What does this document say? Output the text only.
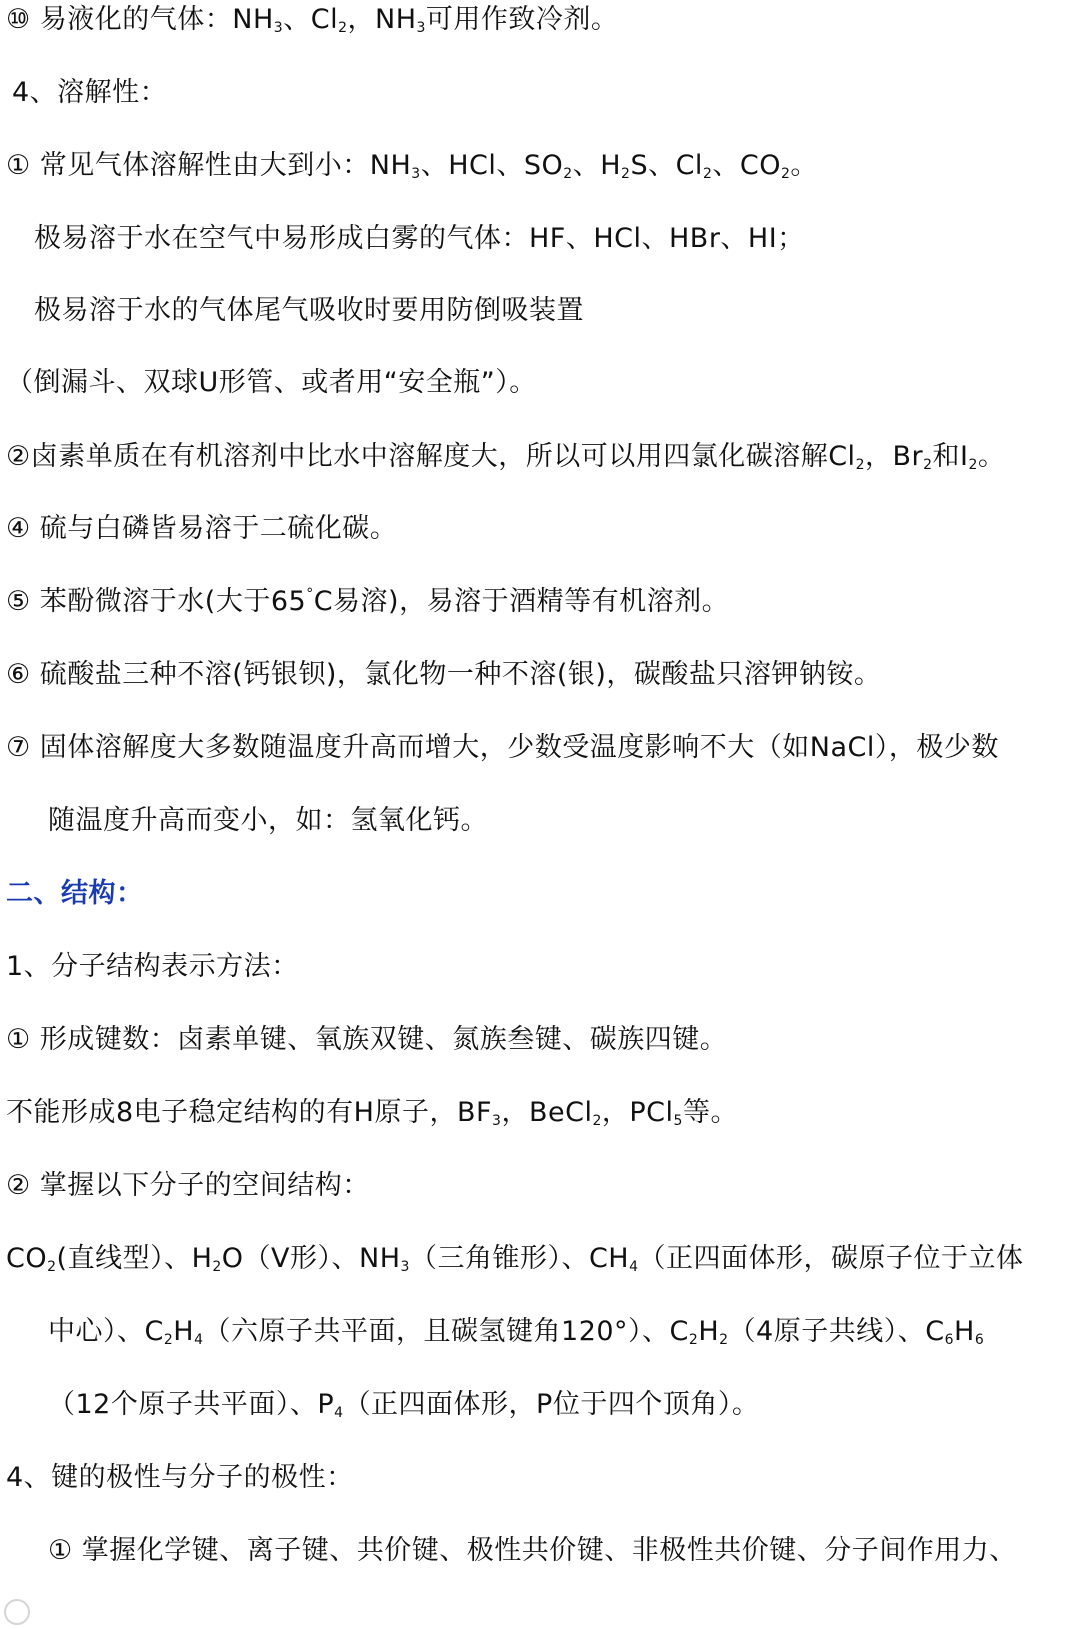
⑩ 易液化的气体：$NH_3$、$Cl_2$，$NH_3$可用作致冷剂。
4、溶解性：
① 常见气体溶解性由大到小：$NH_3$、HCl、$SO_2$、$H_2S$、$Cl_2$、$CO_2$。
极易溶于水在空气中易形成白雾的气体：HF、HCl、HBr、HI；
极易溶于水的气体尾气吸收时要用防倒吸装置
（倒漏斗、双球U形管、或者用“安全瓶”）。
②卤素单质在有机溶剂中比水中溶解度大，所以可以用四氯化碳溶解$Cl_2$，$Br_2$和$I_2$。
④ 硫与白磷皆易溶于二硫化碳。
⑤ 苯酚微溶于水(大于65°C易溶)，易溶于酒精等有机溶剂。
⑥ 硫酸盐三种不溶(钙银钡)，氯化物一种不溶(银)，碳酸盐只溶钾钠铵。
⑦ 固体溶解度大多数随温度升高而增大，少数受温度影响不大（如NaCl），极少数
随温度升高而变小，如：氢氧化钙。
二、结构：
1、分子结构表示方法：
① 形成键数：卤素单键、氧族双键、氮族叁键、碳族四键。
不能形成8电子稳定结构的有H原子，$BF_3$，BeCl$_2$，PCl$_5$等。
② 掌握以下分子的空间结构：
$CO_2$(直线型）、$H_2O(V$形）、$NH_3$（三角锥形）、$CH_4$（正四面体形，碳原子位于立体
中心）、$C_2H_4$（六原子共平面，且碳氢键角120°）、$C_2H_2(4$原子共线）、$C_6H_6$
（12个原子共平面）、$P_4$（正四面体形，P位于四个顶角）。
4、键的极性与分子的极性：
① 掌握化学键、离子键、共价键、极性共价键、非极性共价键、分子间作用力、
